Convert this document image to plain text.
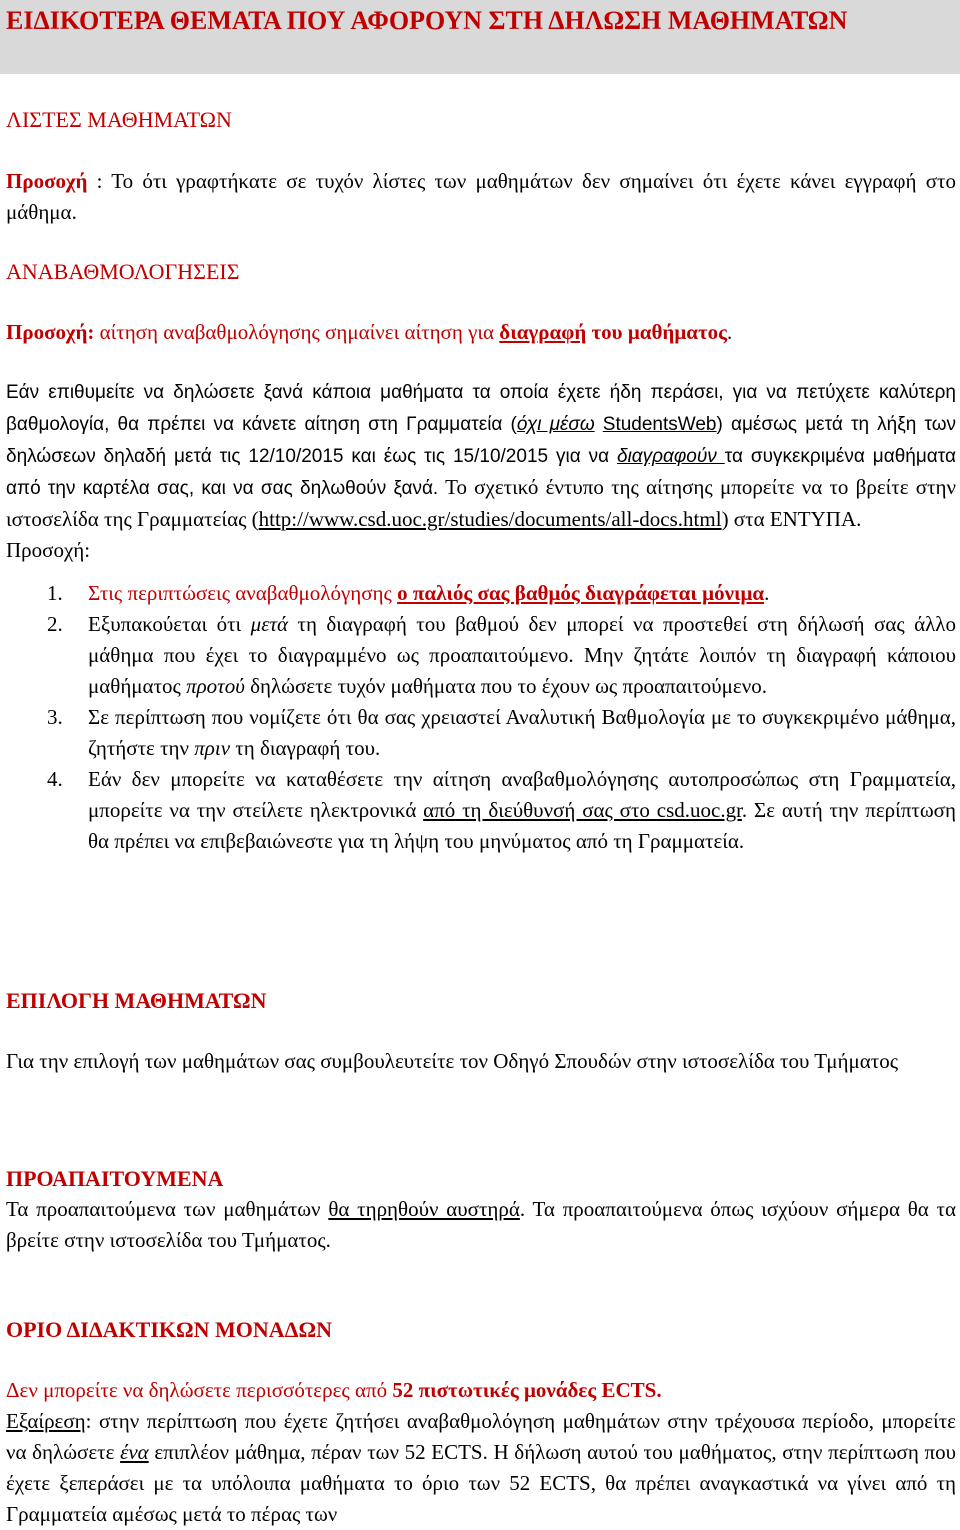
ΕΙΔΙΚΟΤΕΡΑ ΘΕΜΑΤΑ ΠΟΥ ΑΦΟΡΟΥΝ ΣΤΗ ΔΗΛΩΣΗ ΜΑΘΗΜΑΤΩΝ
ΛΙΣΤΕΣ ΜΑΘΗΜΑΤΩΝ
Προσοχή : Το ότι γραφτήκατε σε τυχόν λίστες των μαθημάτων δεν σημαίνει ότι έχετε κάνει εγγραφή στο μάθημα.
ΑΝΑΒΑΘΜΟΛΟΓΗΣΕΙΣ
Προσοχή: αίτηση αναβαθμολόγησης σημαίνει αίτηση για διαγραφή του μαθήματος.
Εάν επιθυμείτε να δηλώσετε ξανά κάποια μαθήματα τα οποία έχετε ήδη περάσει, για να πετύχετε καλύτερη βαθμολογία, θα πρέπει να κάνετε αίτηση στη Γραμματεία (όχι μέσω StudentsWeb) αμέσως μετά τη λήξη των δηλώσεων δηλαδή μετά τις 12/10/2015 και έως τις 15/10/2015 για να διαγραφούν τα συγκεκριμένα μαθήματα από την καρτέλα σας, και να σας δηλωθούν ξανά. Το σχετικό έντυπο της αίτησης μπορείτε να το βρείτε στην ιστοσελίδα της Γραμματείας (http://www.csd.uoc.gr/studies/documents/all-docs.html) στα ΕΝΤΥΠΑ.
Προσοχή:
1. Στις περιπτώσεις αναβαθμολόγησης ο παλιός σας βαθμός διαγράφεται μόνιμα.
2. Εξυπακούεται ότι μετά τη διαγραφή του βαθμού δεν μπορεί να προστεθεί στη δήλωσή σας άλλο μάθημα που έχει το διαγραμμένο ως προαπαιτούμενο. Μην ζητάτε λοιπόν τη διαγραφή κάποιου μαθήματος προτού δηλώσετε τυχόν μαθήματα που το έχουν ως προαπαιτούμενο.
3. Σε περίπτωση που νομίζετε ότι θα σας χρειαστεί Αναλυτική Βαθμολογία με το συγκεκριμένο μάθημα, ζητήστε την πριν τη διαγραφή του.
4. Εάν δεν μπορείτε να καταθέσετε την αίτηση αναβαθμολόγησης αυτοπροσώπως στη Γραμματεία, μπορείτε να την στείλετε ηλεκτρονικά από τη διεύθυνσή σας στο csd.uoc.gr. Σε αυτή την περίπτωση θα πρέπει να επιβεβαιώνεστε για τη λήψη του μηνύματος από τη Γραμματεία.
ΕΠΙΛΟΓΗ ΜΑΘΗΜΑΤΩΝ
Για την επιλογή των μαθημάτων σας συμβουλευτείτε τον Οδηγό Σπουδών στην ιστοσελίδα του Τμήματος
ΠΡΟΑΠΑΙΤΟΥΜΕΝΑ
Τα προαπαιτούμενα των μαθημάτων θα τηρηθούν αυστηρά. Τα προαπαιτούμενα όπως ισχύουν σήμερα θα τα βρείτε στην ιστοσελίδα του Τμήματος.
ΟΡΙΟ ΔΙΔΑΚΤΙΚΩΝ ΜΟΝΑΔΩΝ
Δεν μπορείτε να δηλώσετε περισσότερες από 52 πιστωτικές μονάδες ECTS.
Εξαίρεση: στην περίπτωση που έχετε ζητήσει αναβαθμολόγηση μαθημάτων στην τρέχουσα περίοδο, μπορείτε να δηλώσετε ένα επιπλέον μάθημα, πέραν των 52 ECTS. Η δήλωση αυτού του μαθήματος, στην περίπτωση που έχετε ξεπεράσει με τα υπόλοιπα μαθήματα το όριο των 52 ECTS, θα πρέπει αναγκαστικά να γίνει από τη Γραμματεία αμέσως μετά το πέρας των
